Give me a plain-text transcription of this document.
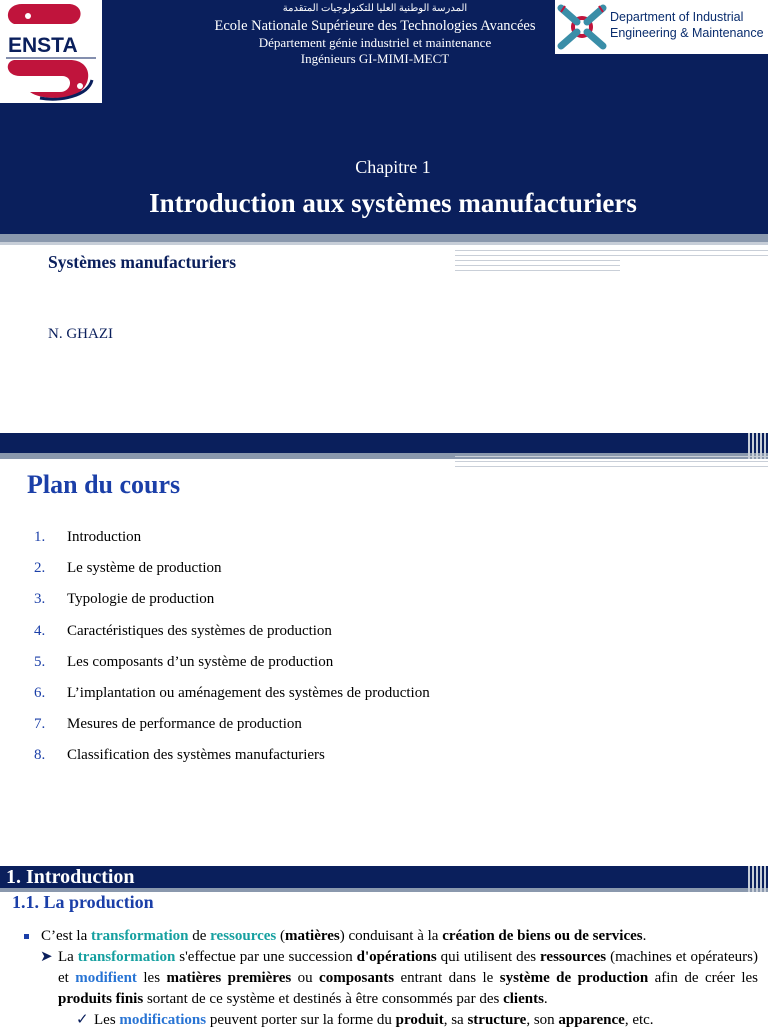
ENSTA
المدرسة الوطنية العليا للتكنولوجيات المتقدمة
Ecole Nationale Supérieure des Technologies Avancées
Département génie industriel et maintenance
Ingénieurs GI-MIMI-MECT
Department of Industrial
Engineering & Maintenance
Chapitre 1
Introduction aux systèmes manufacturiers
Systèmes manufacturiers
N. GHAZI
Plan du cours
1.	Introduction
2.	Le système de production
3.	Typologie de production
4.	Caractéristiques des systèmes de production
5.	Les composants d’un système de production
6.	L’implantation ou aménagement des systèmes de production
7.	Mesures de performance de production
8.	Classification des systèmes manufacturiers
1. Introduction
1.1. La production
C’est la transformation de ressources (matières) conduisant à la création de biens ou de services.
➤ La transformation s'effectue par une succession d'opérations qui utilisent des ressources (machines et opérateurs) et modifient les matières premières ou composants entrant dans le système de production afin de créer les produits finis sortant de ce système et destinés à être consommés par des clients.
✓ Les modifications peuvent porter sur la forme du produit, sa structure, son apparence, etc.
